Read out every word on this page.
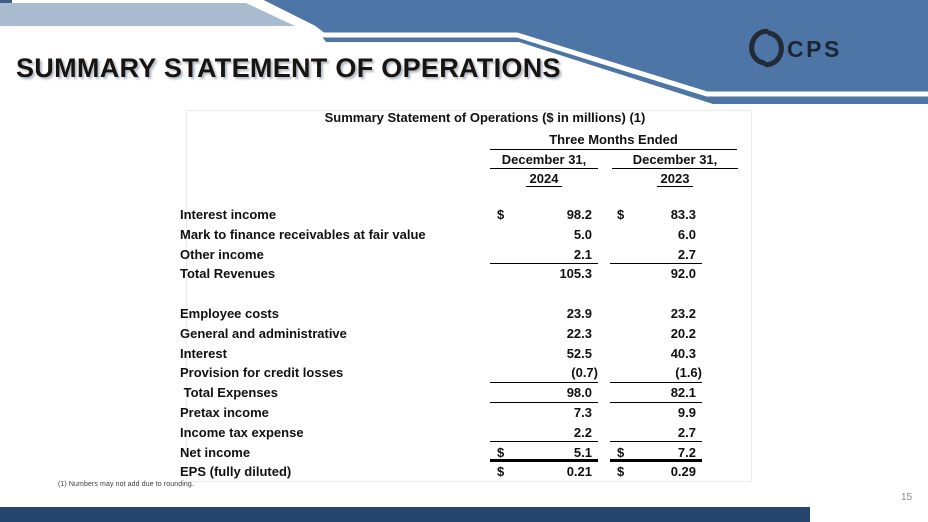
SUMMARY STATEMENT OF OPERATIONS
CPS
Summary Statement of Operations ($ in millions) (1)
Three Months Ended
December 31,	December 31,
2024	2023
Interest income	$	98.2	$	83.3
Mark to finance receivables at fair value	5.0	6.0
Other income	2.1	2.7
Total Revenues	105.3	92.0
Employee costs	23.9	23.2
General and administrative	22.3	20.2
Interest	52.5	40.3
Provision for credit losses	(0.7)	(1.6)
Total Expenses	98.0	82.1
Pretax income	7.3	9.9
Income tax expense	2.2	2.7
Net income	$	5.1	$	7.2
EPS (fully diluted)	$	0.21	$	0.29
(1) Numbers may not add due to rounding.
15
